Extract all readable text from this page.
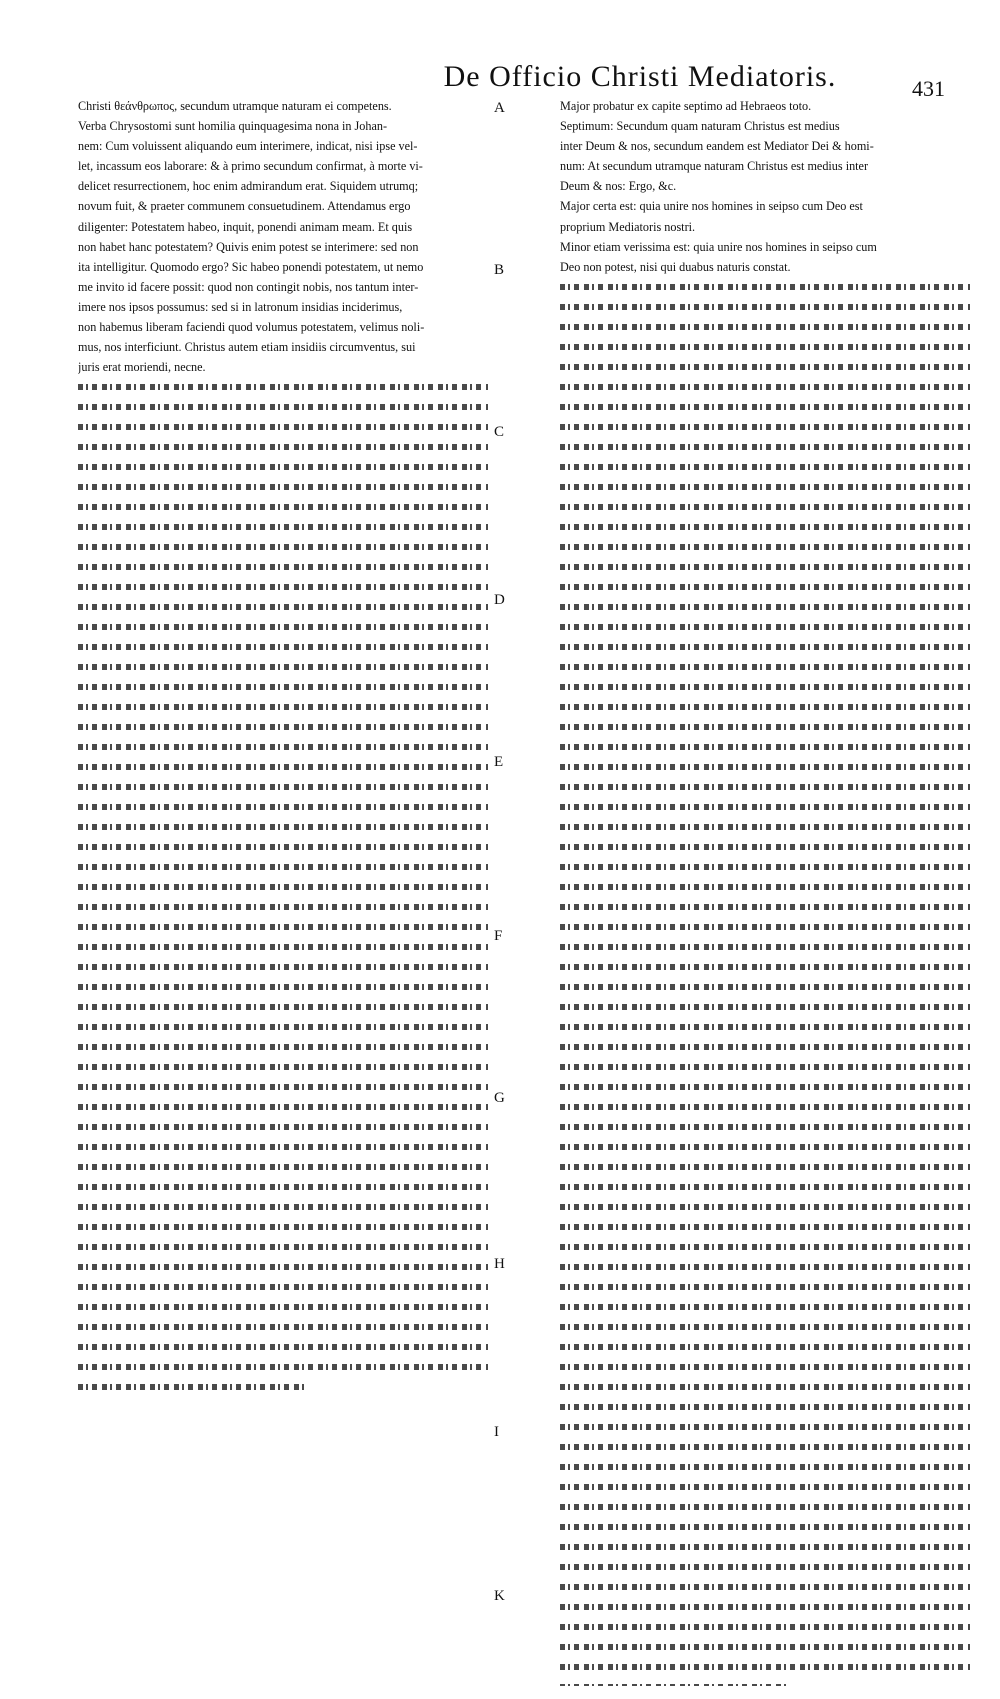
De Officio Christi Mediatoris.	431
Christi θεάνθρωπος, secundum utramque naturam ei competens.
Verba Chrysostomi sunt homilia quinquagesima nona in Johan-
nem: Cum voluissent aliquando eum interimere, indicat, nisi ipse vel-
let, incassum eos laborare: & à primo secundum confirmat, à morte vi-
delicet resurrectionem, hoc enim admirandum erat. Siquidem utrumq;
novum fuit, & praeter communem consuetudinem. Attendamus ergo
diligenter: Potestatem habeo, inquit, ponendi animam meam. Et quis
non habet hanc potestatem? Quivis enim potest se interimere: sed non
ita intelligitur. Quomodo ergo? Sic habeo ponendi potestatem, ut nemo
me invito id facere possit: quod non contingit nobis, nos tantum inter-
imere nos ipsos possumus: sed si in latronum insidias inciderimus,
non habemus liberam faciendi quod volumus potestatem, velimus noli-
mus, nos interficiunt. Christus autem etiam insidiis circumventus, sui
juris erat moriendi, necne.
A
B
C
D
E
F
G
H
I
K
Major probatur ex capite septimo ad Hebraeos toto.
Septimum: Secundum quam naturam Christus est medius
inter Deum & nos, secundum eandem est Mediator Dei & homi-
num: At secundum utramque naturam Christus est medius inter
Deum & nos: Ergo, &c.
Major certa est: quia unire nos homines in seipso cum Deo est
proprium Mediatoris nostri.
Minor etiam verissima est: quia unire nos homines in seipso cum
Deo non potest, nisi qui duabus naturis constat.
